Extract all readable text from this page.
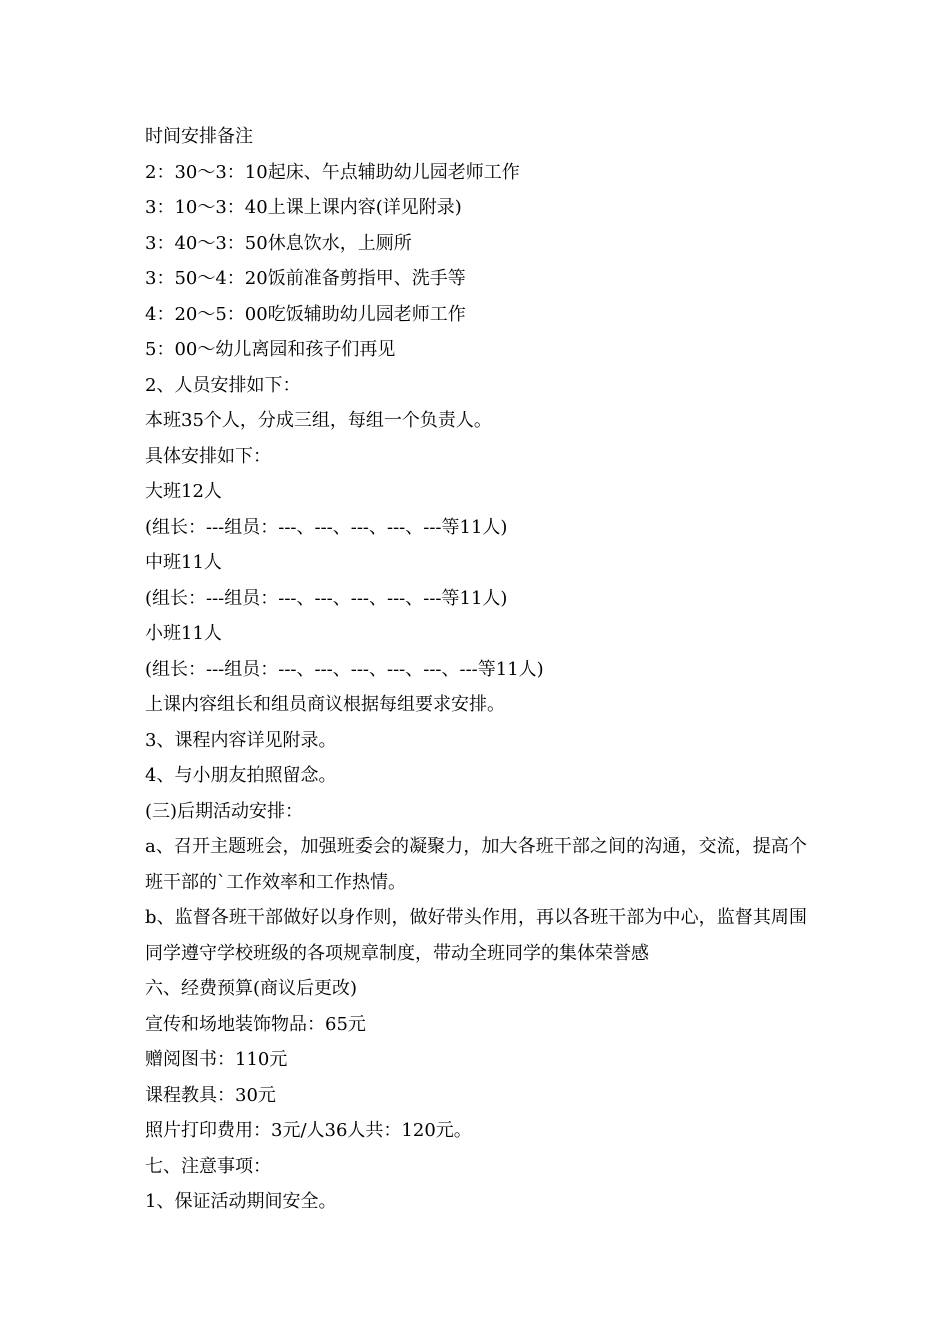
时间安排备注
2：30～3：10起床、午点辅助幼儿园老师工作
3：10～3：40上课上课内容(详见附录)
3：40～3：50休息饮水，上厕所
3：50～4：20饭前准备剪指甲、洗手等
4：20～5：00吃饭辅助幼儿园老师工作
5：00～幼儿离园和孩子们再见
2、人员安排如下：
本班35个人，分成三组，每组一个负责人。
具体安排如下：
大班12人
(组长：---组员：---、---、---、---、---等11人)
中班11人
(组长：---组员：---、---、---、---、---等11人)
小班11人
(组长：---组员：---、---、---、---、---、---等11人)
上课内容组长和组员商议根据每组要求安排。
3、课程内容详见附录。
4、与小朋友拍照留念。
(三)后期活动安排：
a、召开主题班会，加强班委会的凝聚力，加大各班干部之间的沟通，交流，提高个班干部的`工作效率和工作热情。
b、监督各班干部做好以身作则，做好带头作用，再以各班干部为中心，监督其周围同学遵守学校班级的各项规章制度，带动全班同学的集体荣誉感
六、经费预算(商议后更改)
宣传和场地装饰物品：65元
赠阅图书：110元
课程教具：30元
照片打印费用：3元/人36人共：120元。
七、注意事项：
1、保证活动期间安全。
